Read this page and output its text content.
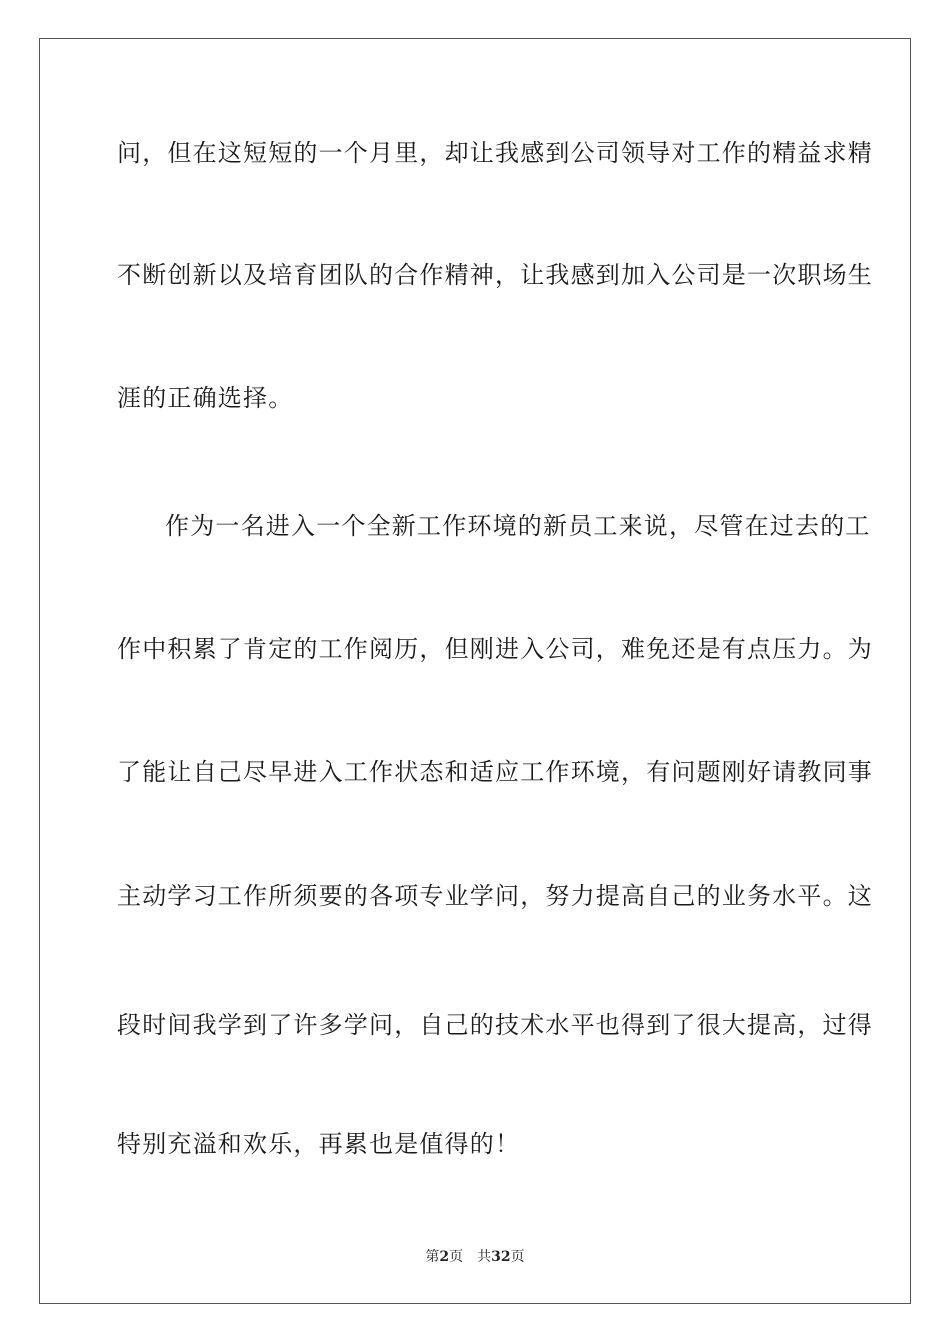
问，但在这短短的一个月里，却让我感到公司领导对工作的精益求精
不断创新以及培育团队的合作精神，让我感到加入公司是一次职场生
涯的正确选择。
作为一名进入一个全新工作环境的新员工来说，尽管在过去的工
作中积累了肯定的工作阅历，但刚进入公司，难免还是有点压力。为
了能让自己尽早进入工作状态和适应工作环境，有问题刚好请教同事
主动学习工作所须要的各项专业学问，努力提高自己的业务水平。这
段时间我学到了许多学问，自己的技术水平也得到了很大提高，过得
特别充溢和欢乐，再累也是值得的！
第2页 共32页
